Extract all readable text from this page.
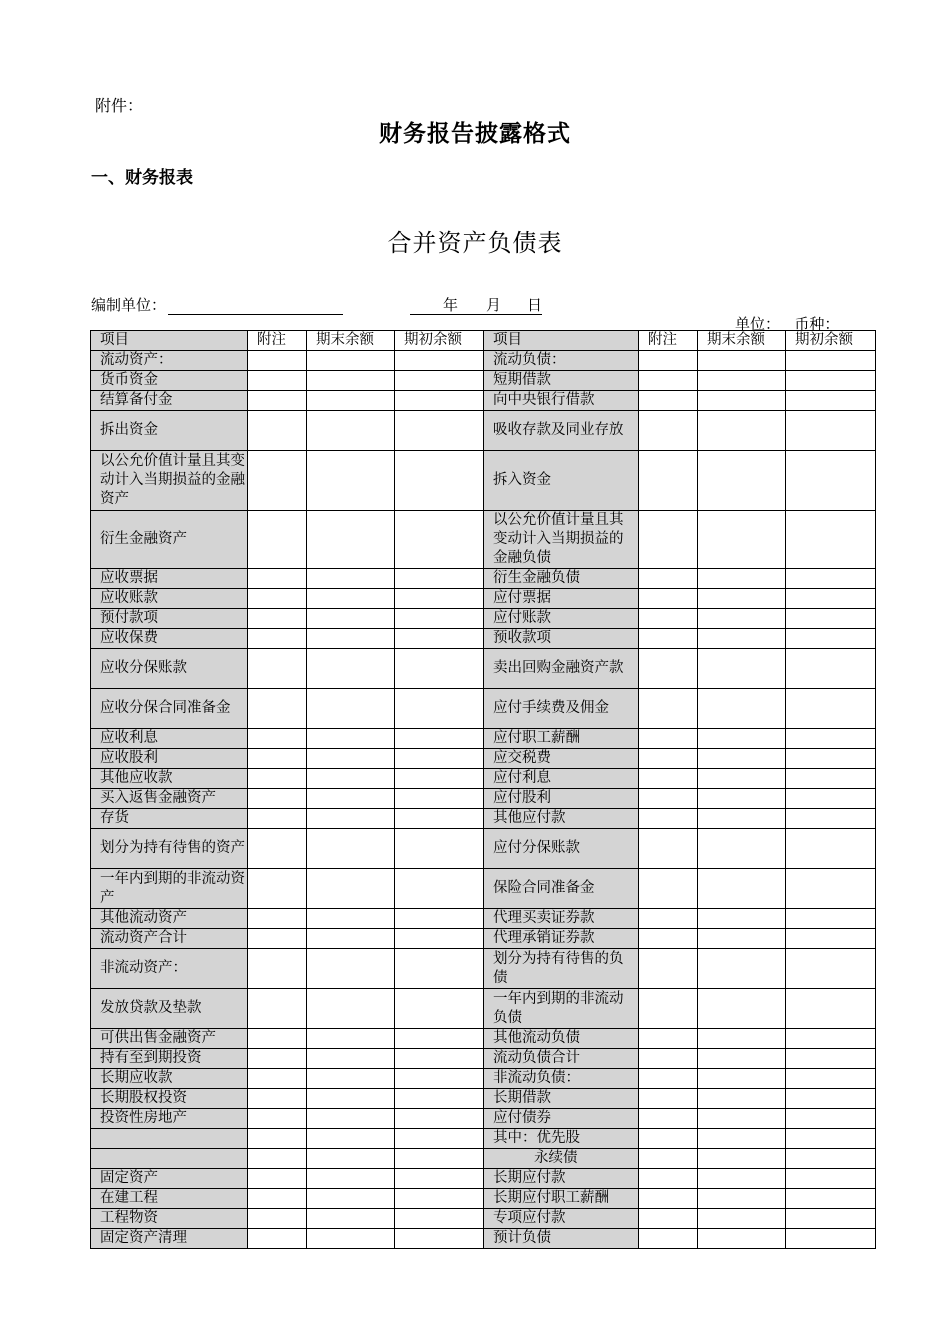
附件：
财务报告披露格式
一、财务报表
合并资产负债表
编制单位：	年 月 日
单位： 币种：
项目	附注	期末余额	期初余额	项目	附注	期末余额	期初余额
流动资产：				流动负债：			
货币资金				短期借款			
结算备付金				向中央银行借款			
拆出资金				吸收存款及同业存放			
以公允价值计量且其变动计入当期损益的金融资产				拆入资金			
衍生金融资产				以公允价值计量且其变动计入当期损益的金融负债			
应收票据				衍生金融负债			
应收账款				应付票据			
预付款项				应付账款			
应收保费				预收款项			
应收分保账款				卖出回购金融资产款			
应收分保合同准备金				应付手续费及佣金			
应收利息				应付职工薪酬			
应收股利				应交税费			
其他应收款				应付利息			
买入返售金融资产				应付股利			
存货				其他应付款			
划分为持有待售的资产				应付分保账款			
一年内到期的非流动资产				保险合同准备金			
其他流动资产				代理买卖证券款			
流动资产合计				代理承销证券款			
非流动资产：				划分为持有待售的负债			
发放贷款及垫款				一年内到期的非流动负债			
可供出售金融资产				其他流动负债			
持有至到期投资				流动负债合计			
长期应收款				非流动负债：			
长期股权投资				长期借款			
投资性房地产				应付债券			
				其中：优先股			
				永续债			
固定资产				长期应付款			
在建工程				长期应付职工薪酬			
工程物资				专项应付款			
固定资产清理				预计负债			
